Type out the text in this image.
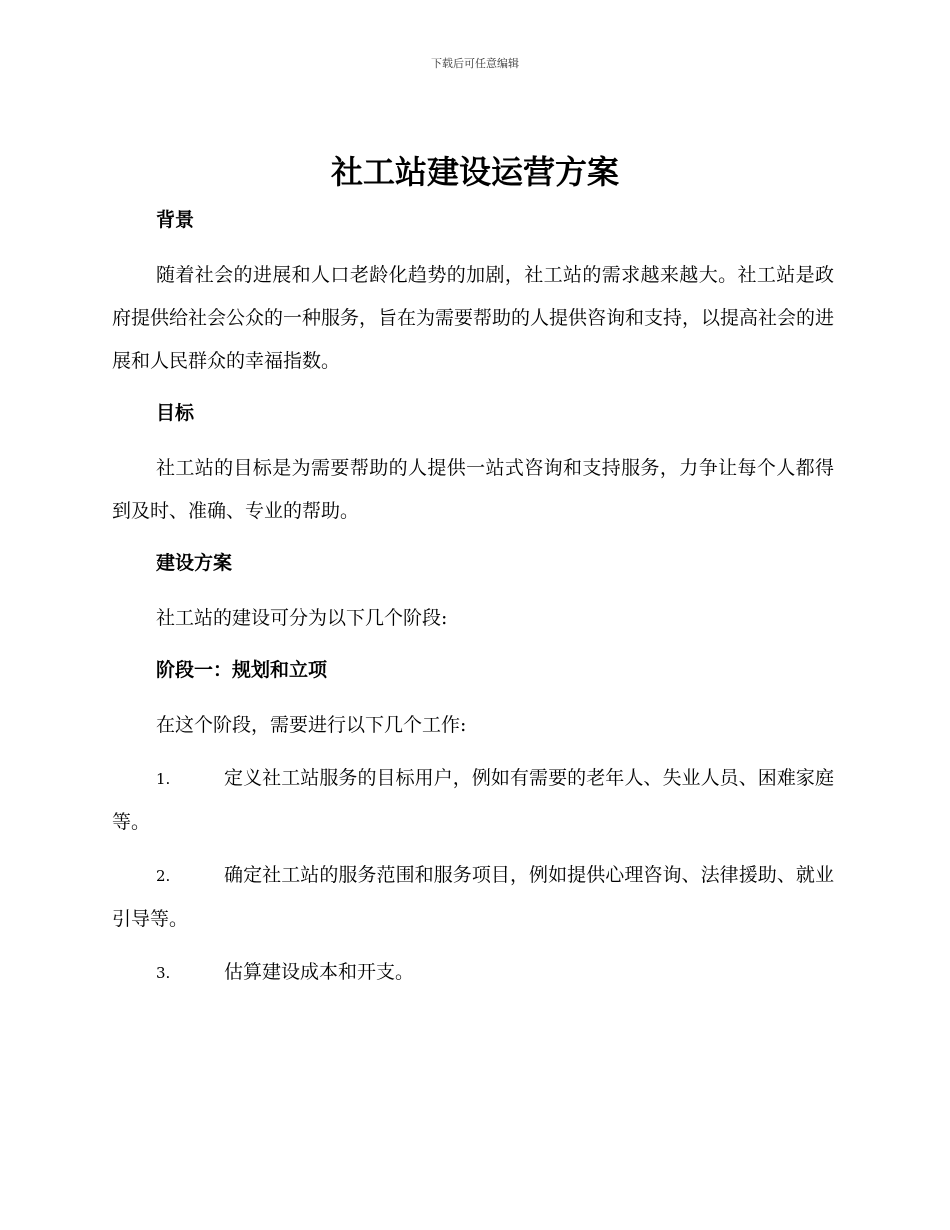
下载后可任意编辑
社工站建设运营方案

背景

随着社会的进展和人口老龄化趋势的加剧，社工站的需求越来越大。社工站是政府提供给社会公众的一种服务，旨在为需要帮助的人提供咨询和支持，以提高社会的进展和人民群众的幸福指数。

目标

社工站的目标是为需要帮助的人提供一站式咨询和支持服务，力争让每个人都得到及时、准确、专业的帮助。

建设方案

社工站的建设可分为以下几个阶段:

阶段一：规划和立项

在这个阶段，需要进行以下几个工作:

1.	定义社工站服务的目标用户，例如有需要的老年人、失业人员、困难家庭等。

2.	确定社工站的服务范围和服务项目，例如提供心理咨询、法律援助、就业引导等。

3.	估算建设成本和开支。
